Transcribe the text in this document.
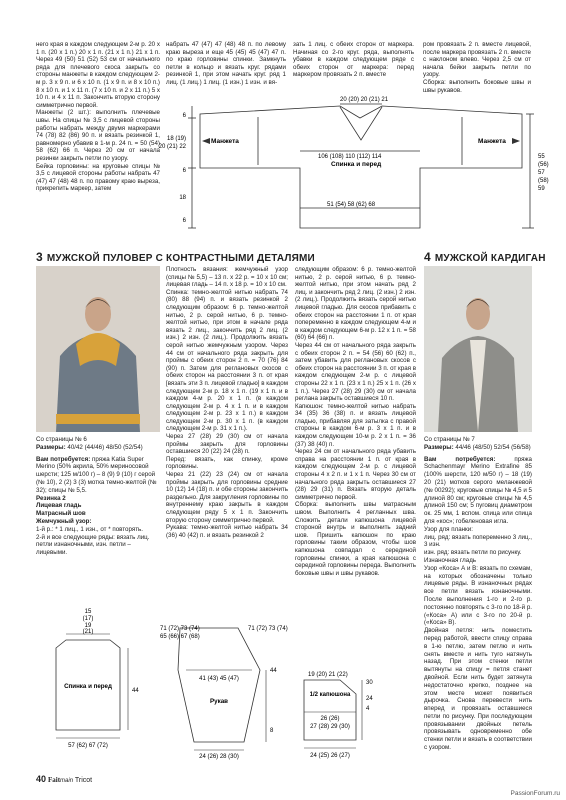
него края в каждом следующем 2-м р. 20 х 1 п. (20 х 1 п.) 20 х 1 п. (21 х 1 п.) 21 х 1 п. Через 49 (50) 51 (52) 53 см от начального ряда для плечевого скоса закрыть со стороны манжеты в каждом следующем 2-м р. 3 х 9 п. и 6 х 10 п. (1 х 9 п. и 8 х 10 п.) 8 х 10 п. и 1 х 11 п. (7 х 10 п. и 2 х 11 п.) 5 х 10 п. и 4 х 11 п. Закончить вторую сторону симметрично первой.
Манжеты (2 шт.): выполнить плечевые швы. На спицы № 3,5 с лицевой стороны работы набрать между двумя маркерами 74 (78) 82 (86) 90 п. и вязать резинкой 1, равномерно убавив в 1-м р. 24 п. = 50 (54) 58 (62) 66 п. Через 20 см от начала резинки закрыть петли по узору.
Бейка горловины: на круговые спицы № 3,5 с лицевой стороны работы набрать 47 (47) 47 (48) 48 п. по правому краю выреза, прикрепить маркер, затем

набрать 47 (47) 47 (48) 48 п. по левому краю выреза и еще 45 (45) 45 (47) 47 п. по краю горловины спинки. Замкнуть петли в кольцо и вязать круг. рядами резинкой 1, при этом начать круг. ряд 1 лиц. (1 лиц.) 1 лиц. (1 изн.) 1 изн. и вя-

зать 1 лиц. с обеих сторон от маркера. Начиная со 2-го круг. ряда, выполнять убавки в каждом следующем ряде с обеих сторон от маркера: перед маркером провязать 2 п. вместе

ром провязать 2 п. вместе лицевой, после маркера провязать 2 п. вместе с наклоном влево. Через 2,5 см от начала бейки закрыть петли по узору.
Сборка: выполнить боковые швы и швы рукавов.

Манжета	Манжета
20 (20) 20 (21) 21
6
18 (19)
20 (21) 22
6
18
6
106 (108) 110 (112) 114
Спинка и перед
55
(56)
57
(58)
59
51 (54) 58 (62) 68
3 МУЖСКОЙ ПУЛОВЕР С КОНТРАСТНЫМИ ДЕТАЛЯМИ	4 МУЖСКОЙ КАРДИГАН
Со страницы № 6
Размеры: 40/42 (44/46) 48/50 (52/54)
Вам потребуется: пряжа Katia Super Merino (50% акрила, 50% мериносовой шерсти; 125 м/100 г) – 8 (9) 9 (10) г серой (№ 10), 2 (2) 3 (3) мотка темно-желтой (№ 32); спицы № 5,5.
Резинка 2
Лицевая гладь
Матрасный шов
Жемчужный узор:
1-й р.: * 1 лиц., 1 изн., от * повторять.
2-й и все следующие ряды: вязать лиц. петли изнаночными, изн. петли – лицевыми.

Плотность вязания: жемчужный узор (спицы № 5,5) – 13 п. х 22 р. = 10 х 10 см; лицевая гладь – 14 п. х 18 р. = 10 х 10 см.
Спинка: темно-желтой нитью набрать 74 (80) 88 (94) п. и вязать резинкой 2 следующим образом: 6 р. темно-желтой нитью, 2 р. серой нитью, 6 р. темно-желтой нитью, при этом в начале ряда вязать 2 лиц., закончить ряд 2 лиц. (2 изн.) 2 изн. (2 лиц.). Продолжить вязать серой нитью жемчужным узором. Через 44 см от начального ряда закрыть для проймы с обеих сторон 2 п. = 70 (76) 84 (90) п. Затем для реглановых скосов с обеих сторон на расстоянии 3 п. от края [вязать эти 3 п. лицевой гладью] в каждом следующем 2-м р. 18 х 1 п. (19 х 1 п. и в каждом 4-м р. 20 х 1 п. (в каждом следующем 2-м р. 4 х 1 п. и в каждом следующем 2-м р. 23 х 1 п.) в каждом следующем 2-м р. 30 х 1 п. (в каждом следующем 2-м р. 31 х 1 п.).
Через 27 (28) 29 (30) см от начала проймы закрыть для горловины оставшиеся 20 (22) 24 (28) п.
Перед: вязать, как спинку, кроме горловины.
Через 21 (22) 23 (24) см от начала проймы закрыть для горловины средние 10 (12) 14 (18) п. и обе стороны закончить раздельно. Для закругления горловины по внутреннему краю закрыть в каждом следующем ряду 5 х 1 п. Закончить вторую сторону симметрично первой.
Рукава: темно-желтой нитью набрать 34 (36) 40 (42) п. и вязать резинкой 2

следующим образом: 6 р. темно-желтой нитью, 2 р. серой нитью, 6 р. темно-желтой нитью, при этом начать ряд 2 лиц. и закончить ряд 2 лиц. (2 изн.) 2 изн. (2 лиц.). Продолжить вязать серой нитью лицевой гладью. Для скосов прибавить с обеих сторон на расстоянии 1 п. от края попеременно в каждом следующем 4-м и в каждом следующем 6-м р. 12 х 1 п. = 58 (60) 64 (66) п.
Через 44 см от начального ряда закрыть с обеих сторон 2 п. = 54 (56) 60 (62) п., затем убавить для реглановых скосов с обеих сторон на расстоянии 3 п. от края в каждом следующем 2-м р. с лицевой стороны 22 х 1 п. (23 х 1 п.) 25 х 1 п. (26 х 1 п.). Через 27 (28) 29 (30) см от начала реглана закрыть оставшиеся 10 п.
Капюшон: темно-желтой нитью набрать 34 (35) 36 (38) п. и вязать лицевой гладью, прибавляя для затылка с правой стороны в каждом 6-м р. 3 х 1 п. и в каждом следующем 10-м р. 2 х 1 п. = 36 (37) 38 (40) п.
Через 24 см от начального ряда убавить справа на расстоянии 1 п. от края в каждом следующем 2-м р. с лицевой стороны 4 х 2 п. и 1 х 1 п. Через 30 см от начального ряда закрыть оставшиеся 27 (28) 29 (31) п. Вязать вторую деталь симметрично первой.
Сборка: выполнить швы матрасным швом. Выполнить 4 регланных шва. Сложить детали капюшона лицевой стороной внутрь и выполнить задний шов. Пришить капюшон по краю горловины таким образом, чтобы шов капюшона совпадал с серединой горловины спинки, а края капюшона с серединой горловины переда. Выполнить боковые швы и швы рукавов.

Со страницы № 7
Размеры: 44/46 (48/50) 52/54 (56/58)
Вам потребуется:	пряжа Schachenmayr Merino Extrafine 85 (100% шерсти, 120 м/50 г) – 18 (19) 20 (21) мотков серого меланжевой (№ 00292); круговые спицы № 4,5 и 5 длиной 80 см; круговые спицы № 4,5 длиной 150 см; 5 пуговиц диаметром ок. 25 мм, 1 вспом. спица или спица для «кос»; гобеленовая игла.
Узор для планки:
лиц. ряд: вязать попеременно 3 лиц., 3 изн.
изн. ряд: вязать петли по рисунку.
Изнаночная гладь
Узор «Коса» А и В: вязать по схемам, на которых обозначены только лицевые ряды. В изнаночных рядах все петли вязать изнаночными. После выполнения 1-го и 2-го р. постоянно повторять с 3-го по 18-й р. («Коса» А) или с 3-го по 20-й р. («Коса» В).
Двойная петля: нить поместить перед работой, ввести спицу справа в 1-ю петлю, затем петлю и нить снять вместе и нить туго натянуть назад. При этом стенки петли вытянуты на спицу = петля станет двойной. Если нить будет затянута недостаточно крепко, позднее на этом месте может появиться дырочка. Снова перевести нить вперед и провязать оставшиеся петли по рисунку. При последующем провязывании двойных петель провязывать одновременно обе стенки петли и вязать в соответствии с узором.
15
(17)
19
(21)
Спинка и перед
44
57 (62) 67 (72)
71 (72) 73 (74)
65 (66) 67 (68)
41 (43) 45 (47)
Рукав
44
8
24 (26) 28 (30)
71 (72) 73 (74)
19 (20) 21 (22)
1/2 капюшона
30
24
4
26 (26)
27 (28) 29 (30)
24 (25) 26 (27)
40 Faitmain Tricot
PassionForum.ru
